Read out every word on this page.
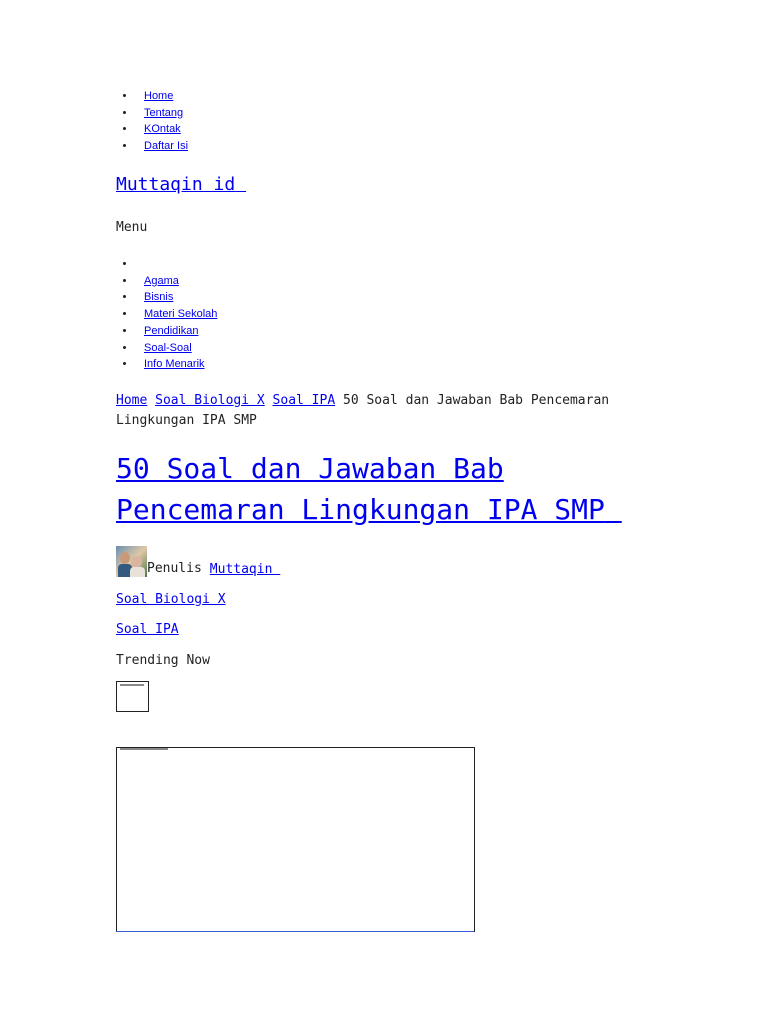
• Home
• Tentang
• KOntak
• Daftar Isi
Muttaqin id
Menu
•
• Agama
• Bisnis
• Materi Sekolah
• Pendidikan
• Soal-Soal
• Info Menarik
Home Soal Biologi X Soal IPA 50 Soal dan Jawaban Bab Pencemaran Lingkungan IPA SMP
50 Soal dan Jawaban Bab Pencemaran Lingkungan IPA SMP
Penulis Muttaqin
Soal Biologi X
Soal IPA
Trending Now
